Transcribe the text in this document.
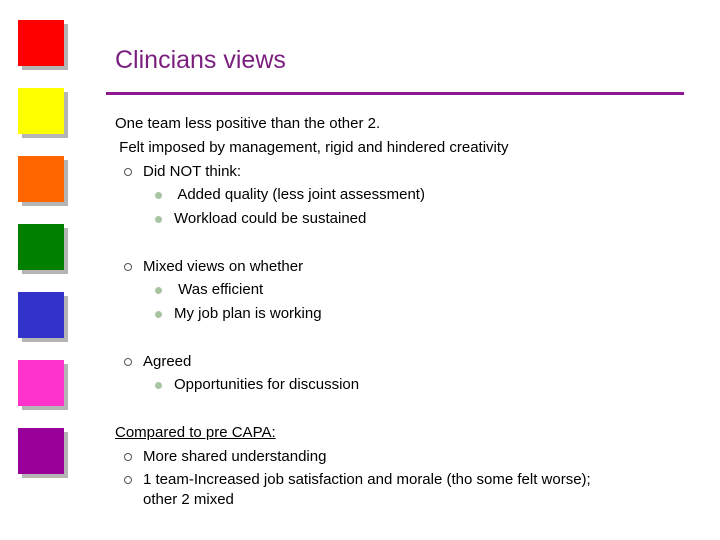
Clincians views
One team less positive than the other 2.
Felt imposed by management, rigid and hindered creativity
Did NOT think:
Added quality (less joint assessment)
Workload could be sustained
Mixed views on whether
Was efficient
My job plan is working
Agreed
Opportunities for discussion
Compared to pre CAPA:
More shared understanding
1 team-Increased job satisfaction and morale (tho some felt worse);
other 2 mixed
